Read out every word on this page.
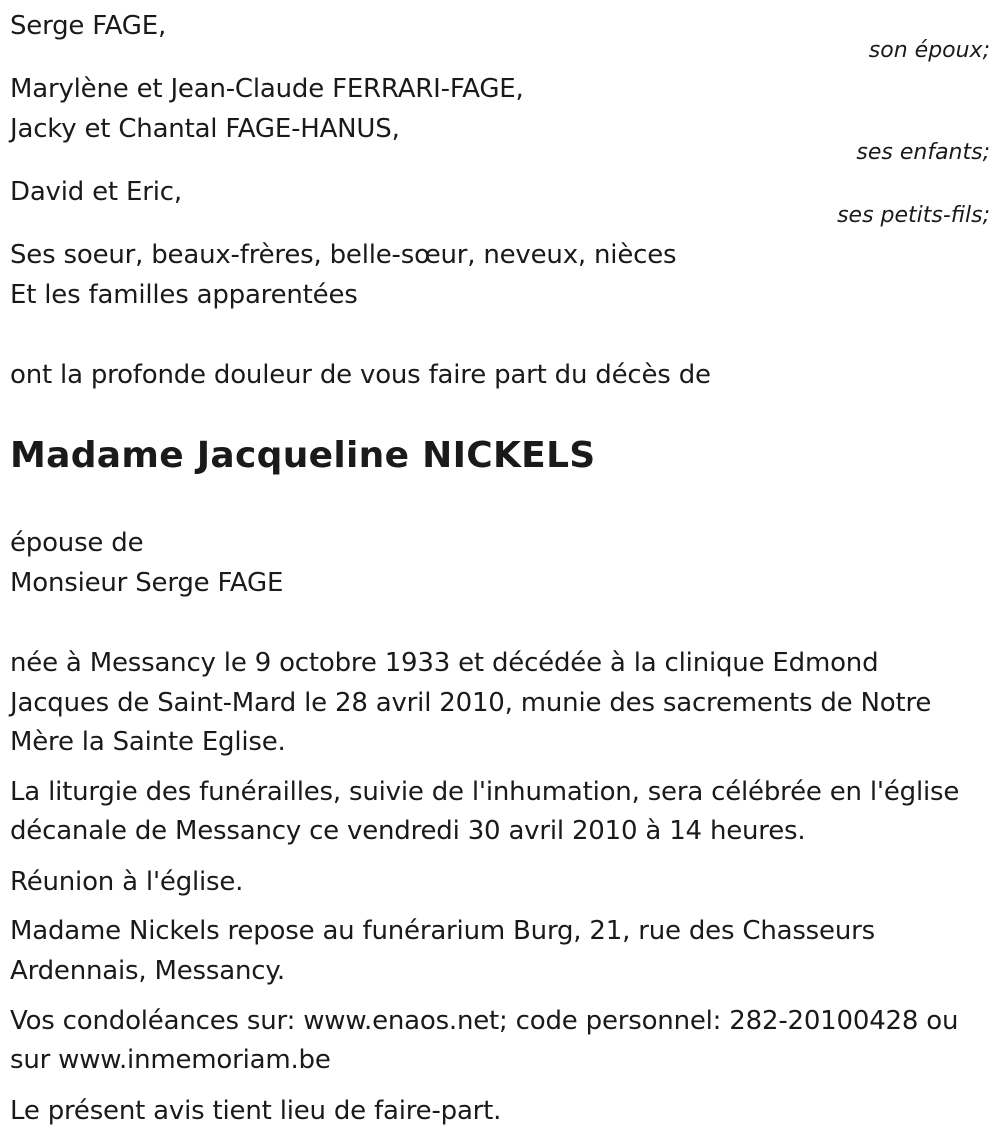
Serge FAGE,
son époux;
Marylène et Jean-Claude FERRARI-FAGE,
Jacky et Chantal FAGE-HANUS,
ses enfants;
David et Eric,
ses petits-fils;
Ses soeur, beaux-frères, belle-sœur, neveux, nièces
Et les familles apparentées
ont la profonde douleur de vous faire part du décès de
Madame Jacqueline NICKELS
épouse de
Monsieur Serge FAGE
née à Messancy le 9 octobre 1933 et décédée à la clinique Edmond
Jacques de Saint-Mard le 28 avril 2010, munie des sacrements de Notre
Mère la Sainte Eglise.
La liturgie des funérailles, suivie de l'inhumation, sera célébrée en l'église
décanale de Messancy ce vendredi 30 avril 2010 à 14 heures.
Réunion à l'église.
Madame Nickels repose au funérarium Burg, 21, rue des Chasseurs
Ardennais, Messancy.
Vos condoléances sur: www.enaos.net; code personnel: 282-20100428 ou
sur www.inmemoriam.be
Le présent avis tient lieu de faire-part.
